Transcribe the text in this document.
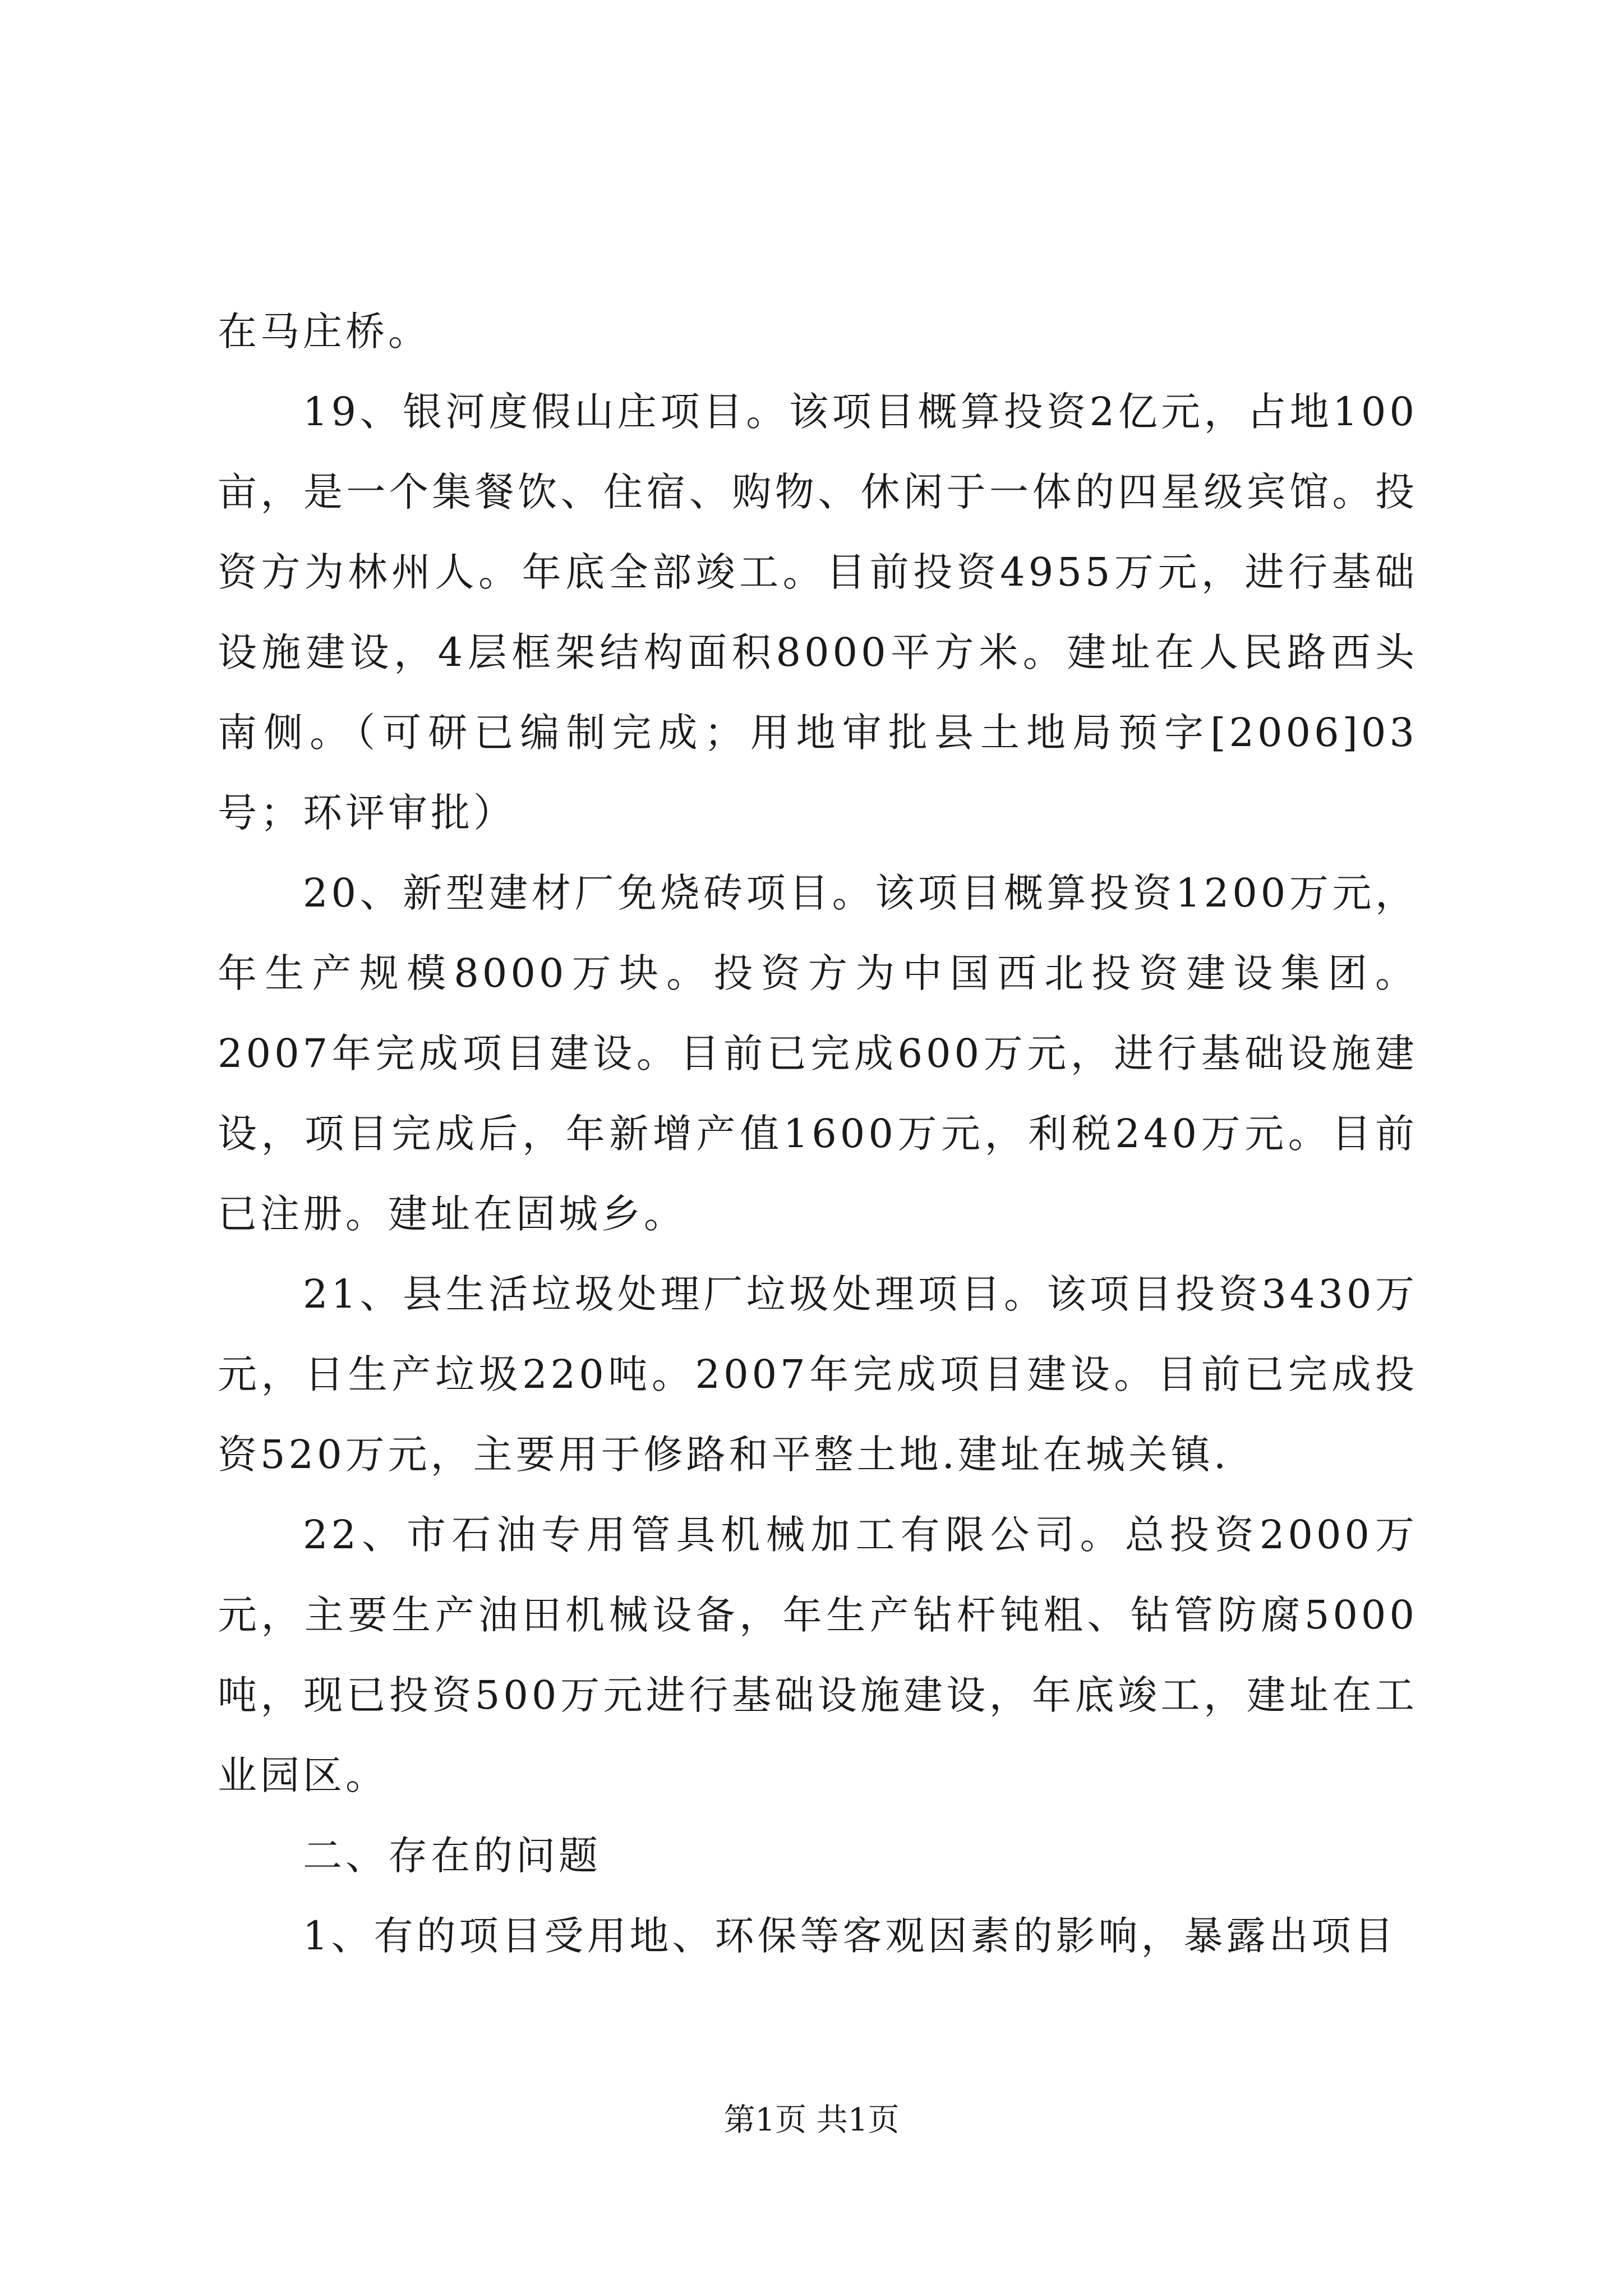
在马庄桥。

19、银河度假山庄项目。该项目概算投资2亿元，占地100亩，是一个集餐饮、住宿、购物、休闲于一体的四星级宾馆。投资方为林州人。年底全部竣工。目前投资4955万元，进行基础设施建设，4层框架结构面积8000平方米。建址在人民路西头南侧。（可研已编制完成；用地审批县土地局预字[2006]03号；环评审批）

20、新型建材厂免烧砖项目。该项目概算投资1200万元，年生产规模8000万块。投资方为中国西北投资建设集团。2007年完成项目建设。目前已完成600万元，进行基础设施建设，项目完成后，年新增产值1600万元，利税240万元。目前已注册。建址在固城乡。

21、县生活垃圾处理厂垃圾处理项目。该项目投资3430万元，日生产垃圾220吨。2007年完成项目建设。目前已完成投资520万元，主要用于修路和平整土地.建址在城关镇.

22、市石油专用管具机械加工有限公司。总投资2000万元，主要生产油田机械设备，年生产钻杆钝粗、钻管防腐5000吨，现已投资500万元进行基础设施建设，年底竣工，建址在工业园区。

二、存在的问题

1、有的项目受用地、环保等客观因素的影响，暴露出项目

第1页 共1页
